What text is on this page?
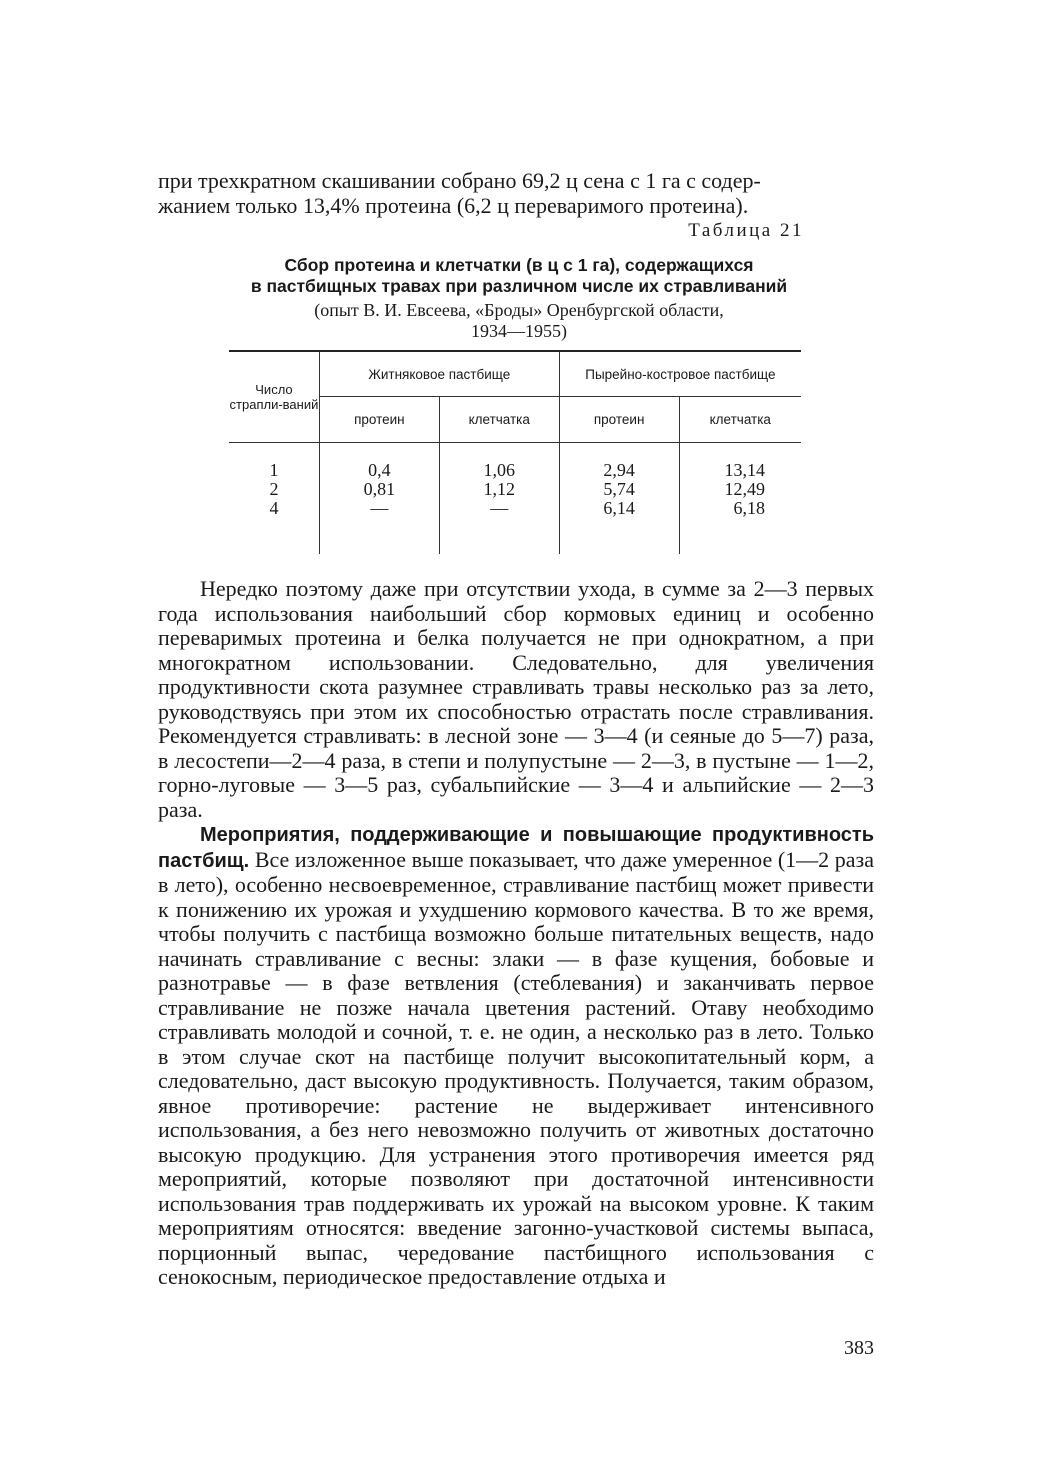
при трехкратном скашивании собрано 69,2 ц сена с 1 га с содер-
жанием только 13,4% протеина (6,2 ц переваримого протеина).

Таблица 21
Сбор протеина и клетчатки (в ц с 1 га), содержащихся
в пастбищных травах при различном числе их стравливаний
(опыт В. И. Евсеева, «Броды» Оренбургской области,
1934—1955)
Число страпли-ваний	Житняковое пастбище		Пырейно-костровое пастбище	
	протеин	клетчатка	протеин	клетчатка

1	0,4	1,06	2,94	13,14
2	0,81	1,12	5,74	12,49
4	—	—	6,14	6,18

Нередко поэтому даже при отсутствии ухода, в сумме за 2—3 первых года использования наибольший сбор кормовых единиц и особенно переваримых протеина и белка получается не при однократном, а при многократном использовании. Следовательно, для увеличения продуктивности скота разумнее стравливать травы несколько раз за лето, руководствуясь при этом их способностью отрастать после стравливания. Рекомендуется стравливать: в лесной зоне — 3—4 (и сеяные до 5—7) раза, в лесостепи—2—4 раза, в степи и полупустыне — 2—3, в пустыне — 1—2, горно-луговые — 3—5 раз, субальпийские — 3—4 и альпийские — 2—3 раза.

Мероприятия, поддерживающие и повышающие продуктивность пастбищ. Все изложенное выше показывает, что даже умеренное (1—2 раза в лето), особенно несвоевременное, стравливание пастбищ может привести к понижению их урожая и ухудшению кормового качества. В то же время, чтобы получить с пастбища возможно больше питательных веществ, надо начинать стравливание с весны: злаки — в фазе кущения, бобовые и разнотравье — в фазе ветвления (стеблевания) и заканчивать первое стравливание не позже начала цветения растений. Отаву необходимо стравливать молодой и сочной, т. е. не один, а несколько раз в лето. Только в этом случае скот на пастбище получит высокопитательный корм, а следовательно, даст высокую продуктивность. Получается, таким образом, явное противоречие: растение не выдерживает интенсивного использования, а без него невозможно получить от животных достаточно высокую продукцию. Для устранения этого противоречия имеется ряд мероприятий, которые позволяют при достаточной интенсивности использования трав поддерживать их урожай на высоком уровне. К таким мероприятиям относятся: введение загонно-участковой системы выпаса, порционный выпас, чередование пастбищного использования с сенокосным, периодическое предоставление отдыха и

383
